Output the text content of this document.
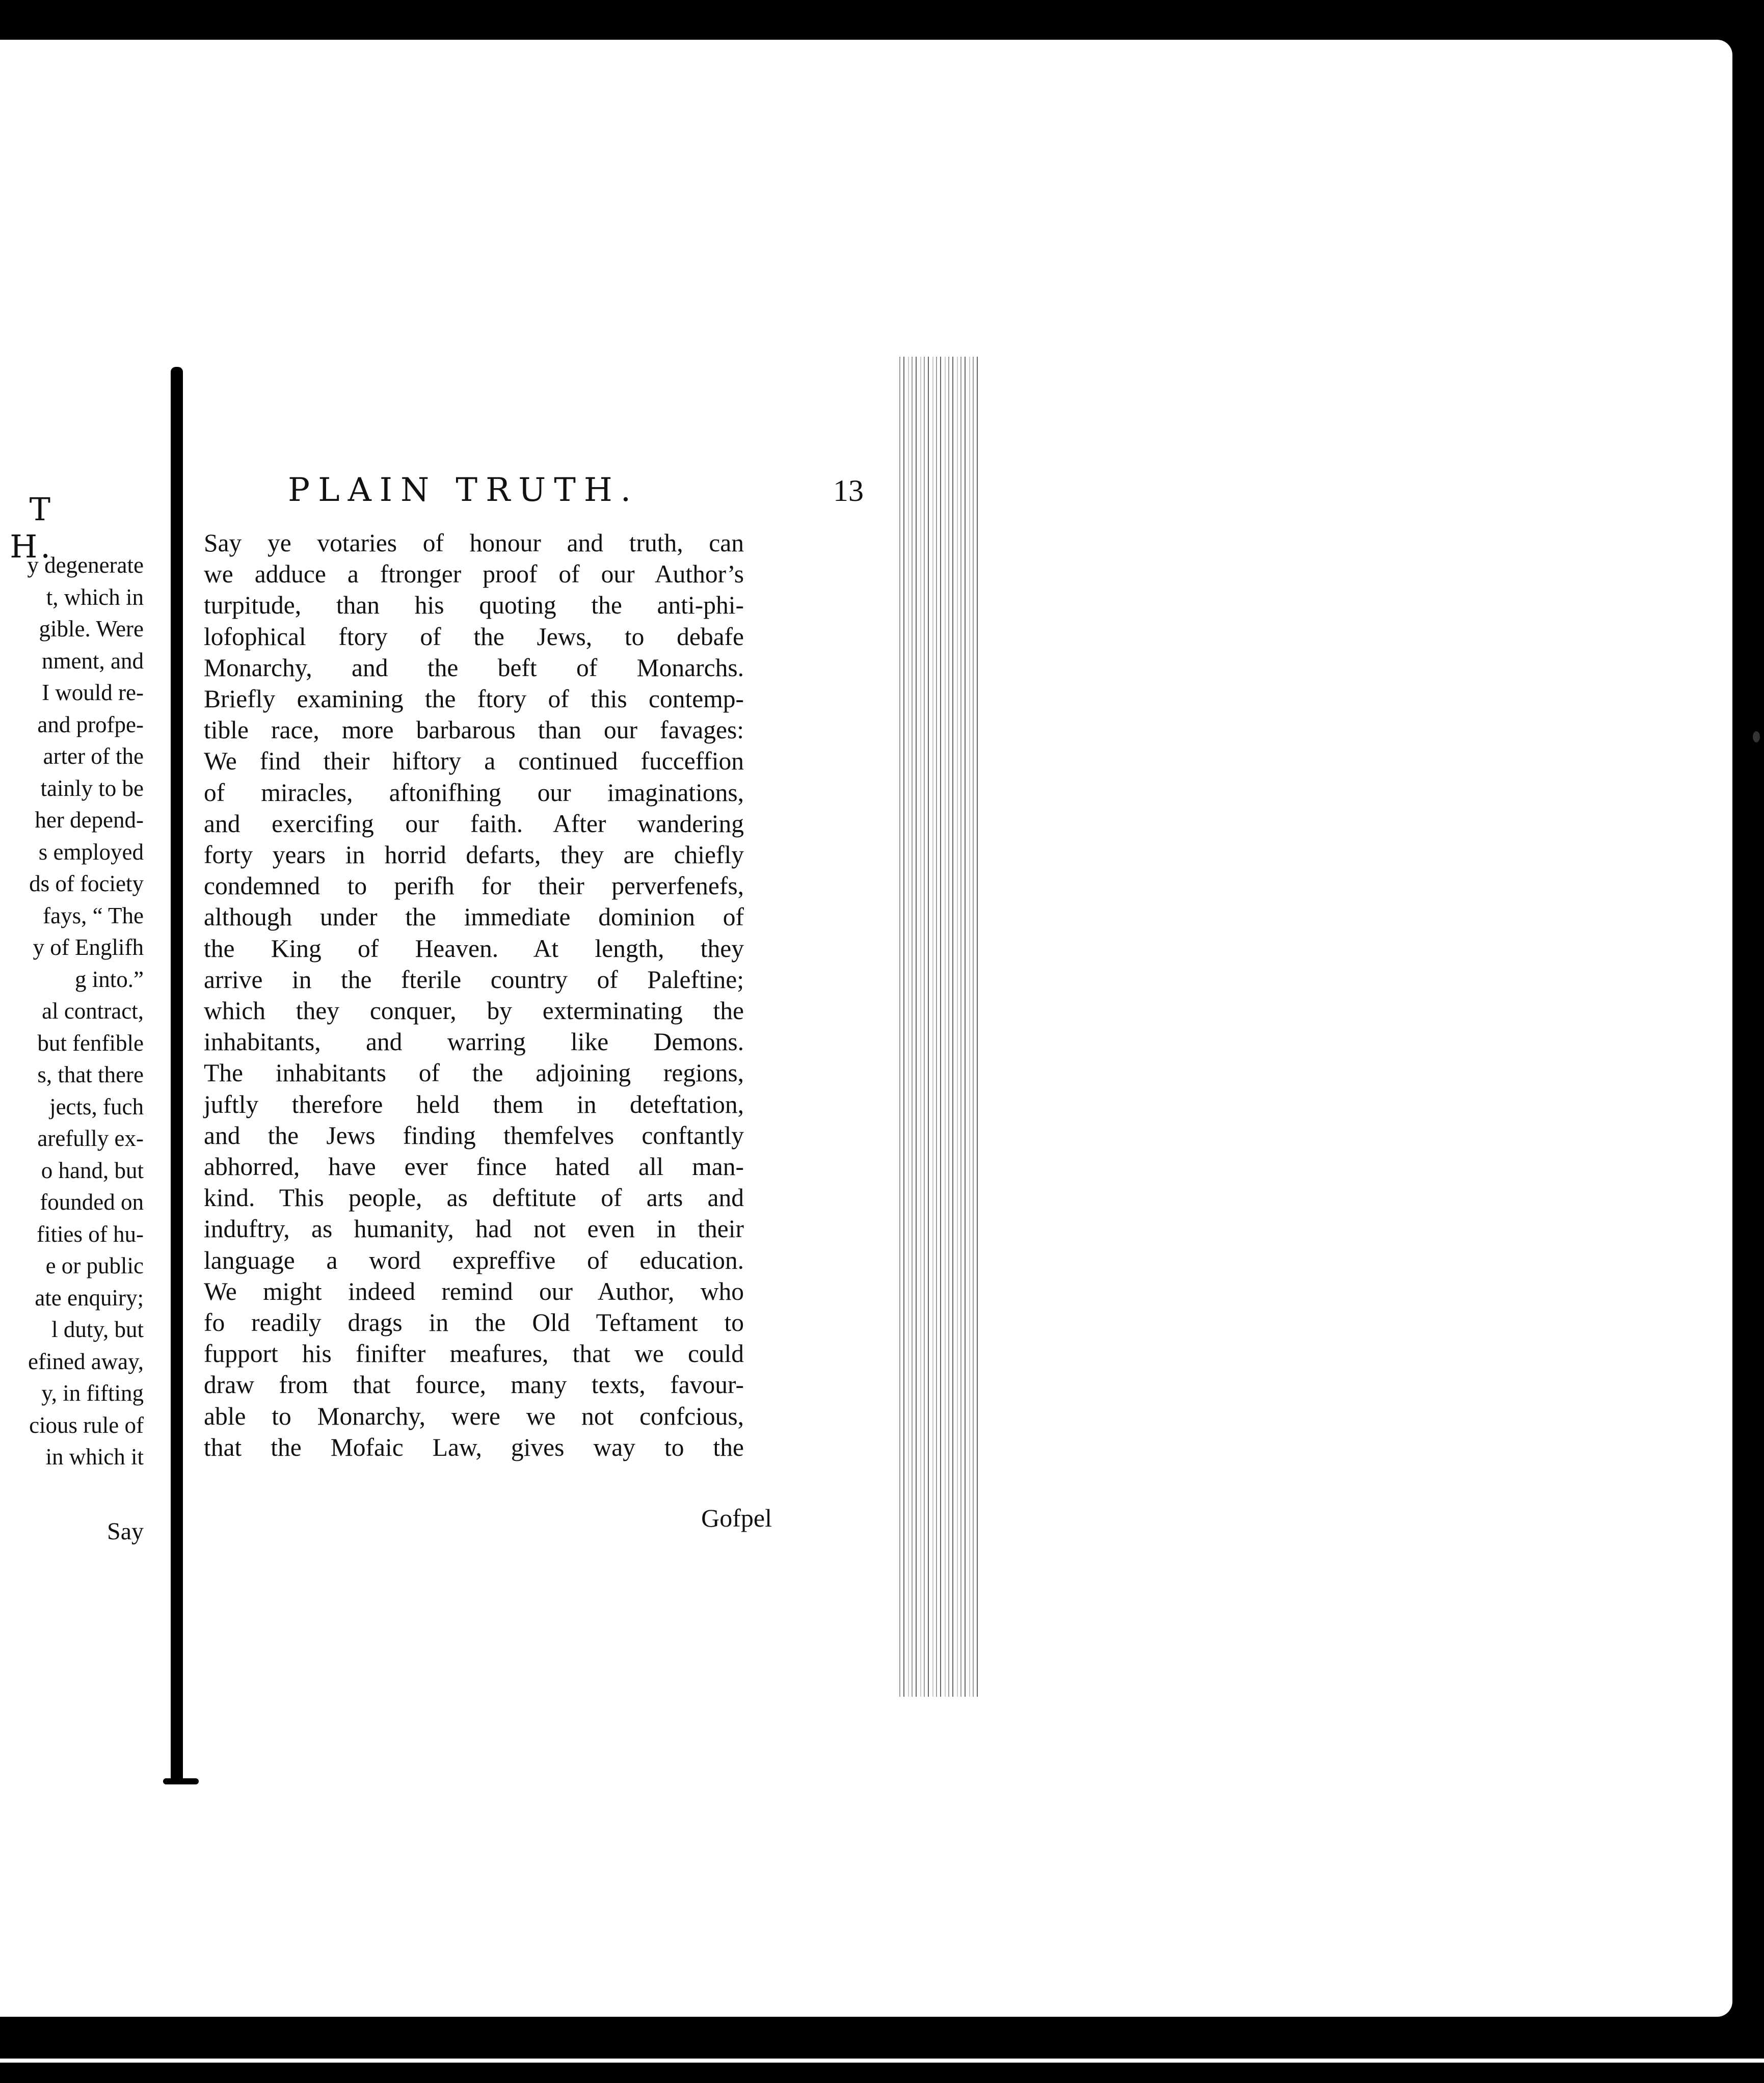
T H.
y degenerate
t, which in
gible. Were
nment, and
I would re-
and profpe-
arter of the
tainly to be
her depend-
s employed
ds of fociety
fays, “ The
y of Englifh
g into.”
al contract,
but fenfible
s, that there
jects, fuch
arefully ex-
o hand, but
founded on
fities of hu-
e or public
ate enquiry;
l duty, but
efined away,
y, in fifting
cious rule of
in which it
Say
PLAIN TRUTH.	13
Say ye votaries of honour and truth, can
we adduce a ftronger proof of our Author’s
turpitude, than his quoting the anti-phi-
lofophical ftory of the Jews, to debafe
Monarchy, and the beft of Monarchs.
Briefly examining the ftory of this contemp-
tible race, more barbarous than our favages:
We find their hiftory a continued fucceffion
of miracles, aftonifhing our imaginations,
and exercifing our faith. After wandering
forty years in horrid defarts, they are chiefly
condemned to perifh for their perverfenefs,
although under the immediate dominion of
the King of Heaven. At length, they
arrive in the fterile country of Paleftine;
which they conquer, by exterminating the
inhabitants, and warring like Demons.
The inhabitants of the adjoining regions,
juftly therefore held them in deteftation,
and the Jews finding themfelves conftantly
abhorred, have ever fince hated all man-
kind. This people, as deftitute of arts and
induftry, as humanity, had not even in their
language a word expreffive of education.
We might indeed remind our Author, who
fo readily drags in the Old Teftament to
fupport his finifter meafures, that we could
draw from that fource, many texts, favour-
able to Monarchy, were we not confcious,
that the Mofaic Law, gives way to the
Gofpel
